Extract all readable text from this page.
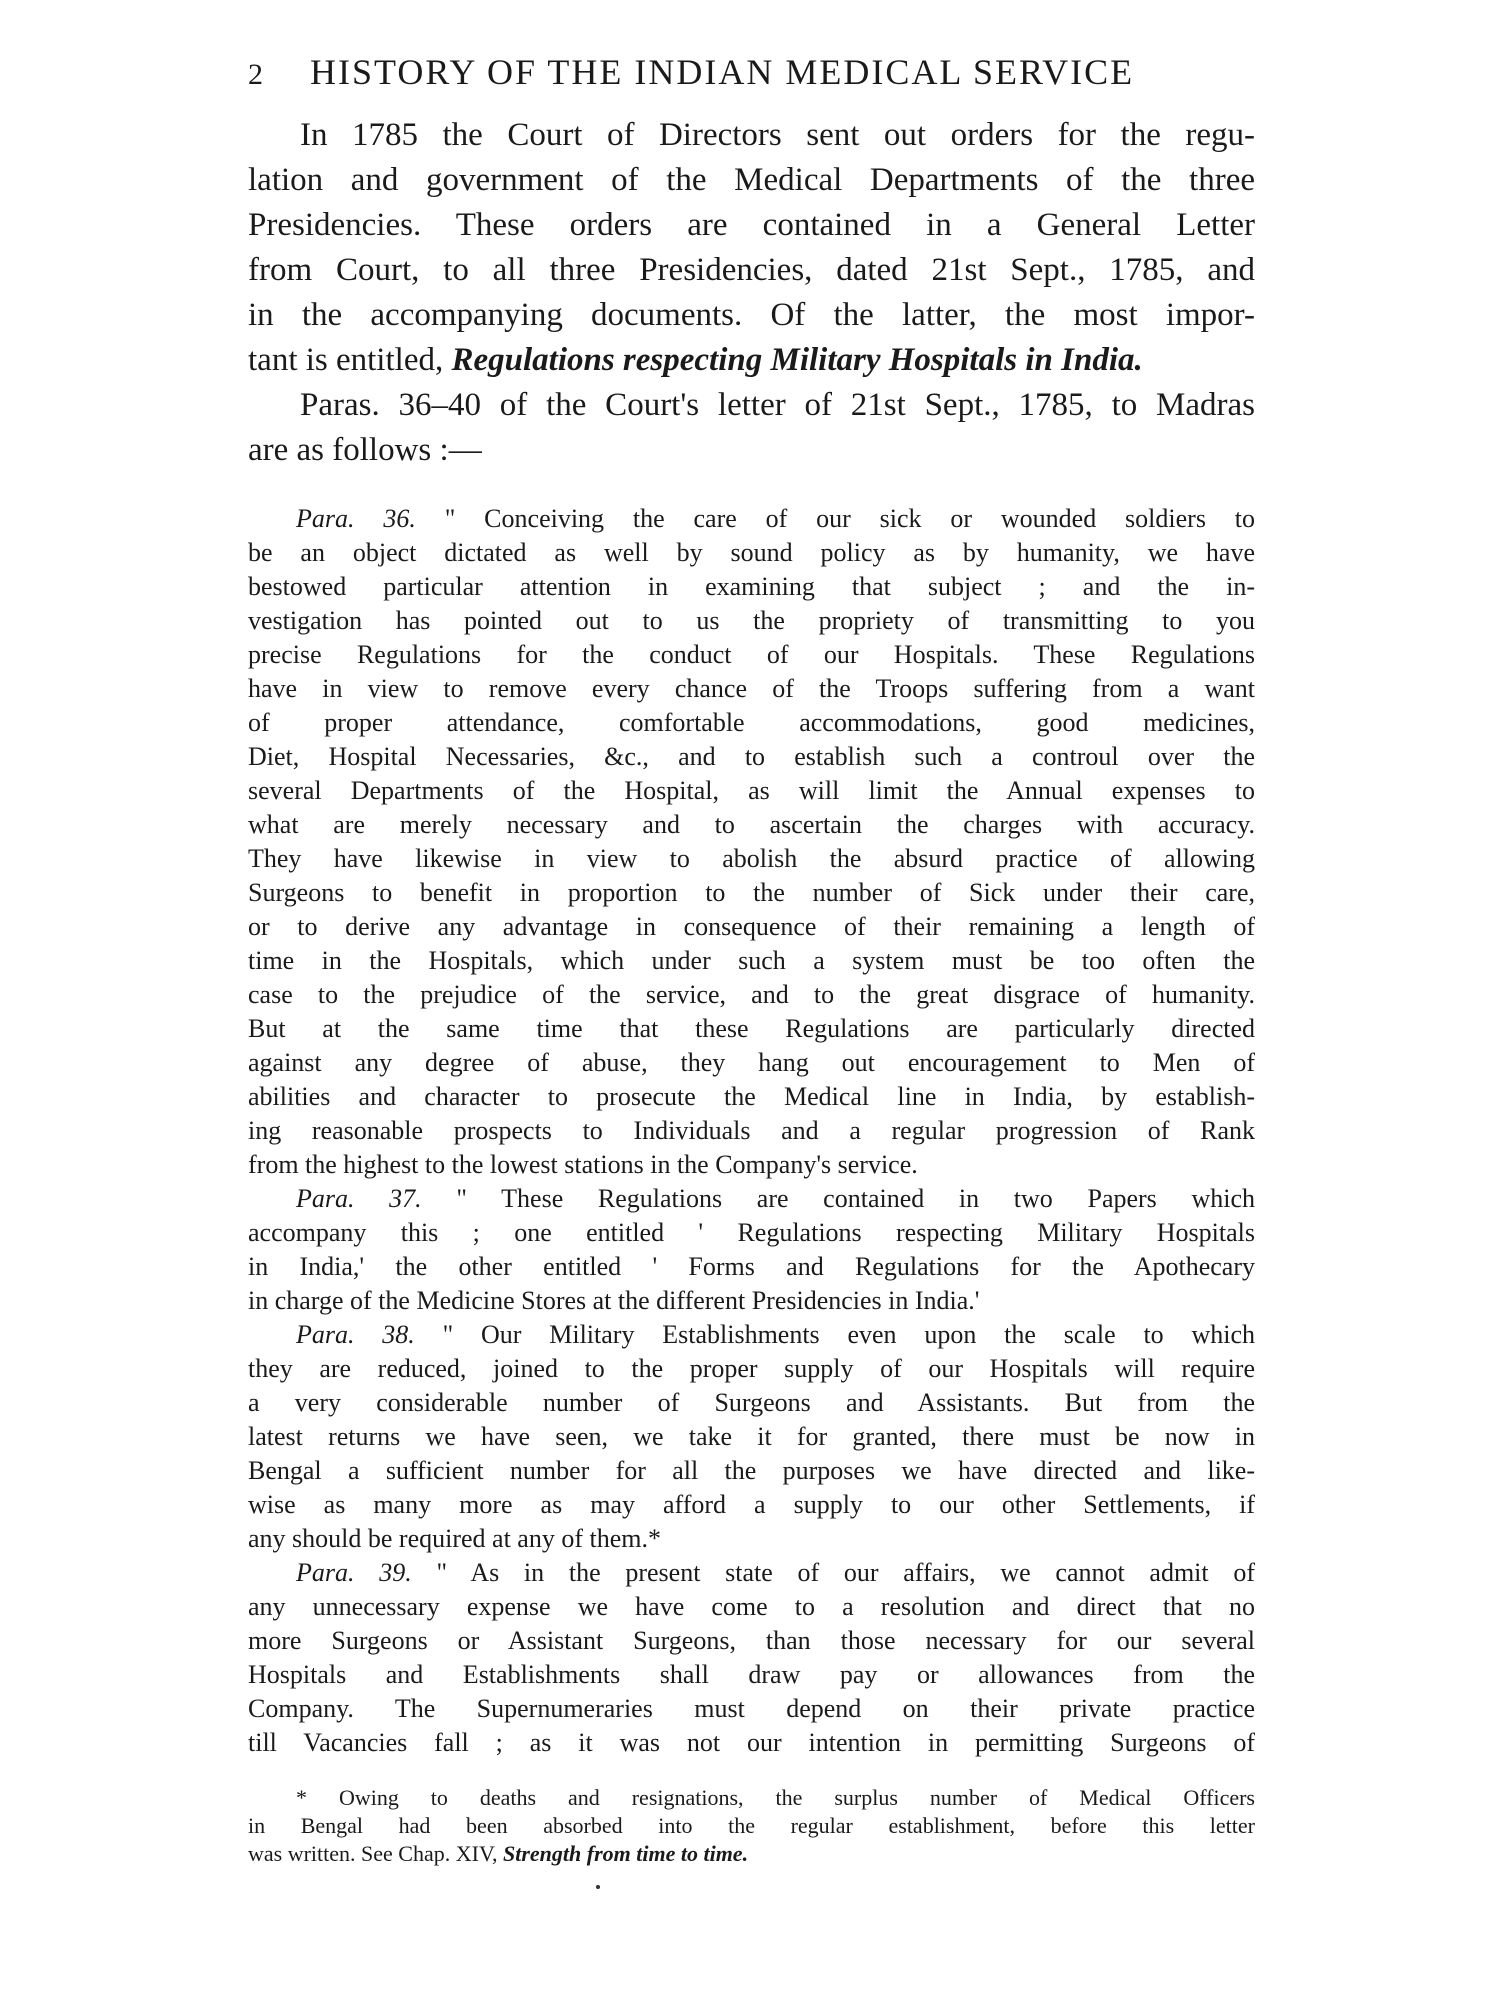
2 HISTORY OF THE INDIAN MEDICAL SERVICE
In 1785 the Court of Directors sent out orders for the regu-
lation and government of the Medical Departments of the three
Presidencies. These orders are contained in a General Letter
from Court, to all three Presidencies, dated 21st Sept., 1785, and
in the accompanying documents. Of the latter, the most impor-
tant is entitled, Regulations respecting Military Hospitals in India.
Paras. 36–40 of the Court's letter of 21st Sept., 1785, to Madras
are as follows :—
Para. 36. " Conceiving the care of our sick or wounded soldiers to
be an object dictated as well by sound policy as by humanity, we have
bestowed particular attention in examining that subject ; and the in-
vestigation has pointed out to us the propriety of transmitting to you
precise Regulations for the conduct of our Hospitals. These Regulations
have in view to remove every chance of the Troops suffering from a want
of proper attendance, comfortable accommodations, good medicines,
Diet, Hospital Necessaries, &c., and to establish such a controul over the
several Departments of the Hospital, as will limit the Annual expenses to
what are merely necessary and to ascertain the charges with accuracy.
They have likewise in view to abolish the absurd practice of allowing
Surgeons to benefit in proportion to the number of Sick under their care,
or to derive any advantage in consequence of their remaining a length of
time in the Hospitals, which under such a system must be too often the
case to the prejudice of the service, and to the great disgrace of humanity.
But at the same time that these Regulations are particularly directed
against any degree of abuse, they hang out encouragement to Men of
abilities and character to prosecute the Medical line in India, by establish-
ing reasonable prospects to Individuals and a regular progression of Rank
from the highest to the lowest stations in the Company's service.
Para. 37. " These Regulations are contained in two Papers which
accompany this ; one entitled ' Regulations respecting Military Hospitals
in India,' the other entitled ' Forms and Regulations for the Apothecary
in charge of the Medicine Stores at the different Presidencies in India.'
Para. 38. " Our Military Establishments even upon the scale to which
they are reduced, joined to the proper supply of our Hospitals will require
a very considerable number of Surgeons and Assistants. But from the
latest returns we have seen, we take it for granted, there must be now in
Bengal a sufficient number for all the purposes we have directed and like-
wise as many more as may afford a supply to our other Settlements, if
any should be required at any of them.*
Para. 39. " As in the present state of our affairs, we cannot admit of
any unnecessary expense we have come to a resolution and direct that no
more Surgeons or Assistant Surgeons, than those necessary for our several
Hospitals and Establishments shall draw pay or allowances from the
Company. The Supernumeraries must depend on their private practice
till Vacancies fall ; as it was not our intention in permitting Surgeons of
* Owing to deaths and resignations, the surplus number of Medical Officers
in Bengal had been absorbed into the regular establishment, before this letter
was written. See Chap. XIV, Strength from time to time.
